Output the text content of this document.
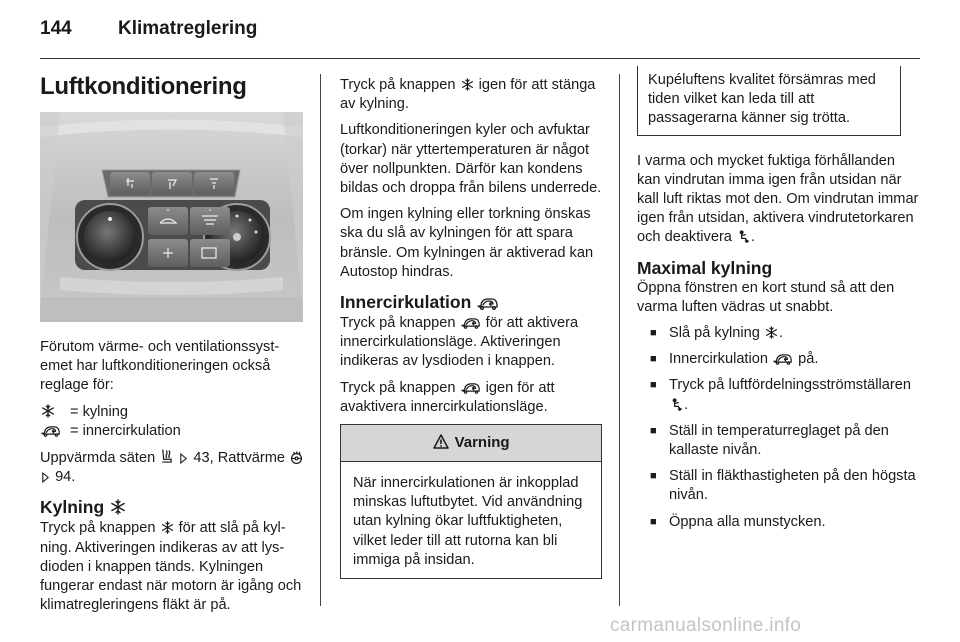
144 Klimatreglering
Luftkonditionering

Förutom värme- och ventilationssystemet har luftkonditioneringen också reglage för:

= kylning
= innercirkulation

Uppvärmda säten	43, Rattvärme   94.

Kylning

Tryck på knappen för att slå på kylning. Aktiveringen indikeras av att lysdioden i knappen tänds. Kylningen fungerar endast när motorn är igång och klimatregleringens fläkt är på.

Tryck på knappen igen för att stänga av kylning.

Luftkonditioneringen kyler och avfuktar (torkar) när yttertemperaturen är något över nollpunkten. Därför kan kondens bildas och droppa från bilens underrede.

Om ingen kylning eller torkning önskas ska du slå av kylningen för att spara bränsle. Om kylningen är aktiverad kan Autostop hindras.

Innercirkulation

Tryck på knappen för att aktivera innercirkulationsläge. Aktiveringen indikeras av lysdioden i knappen.

Tryck på knappen igen för att avaktivera innercirkulationsläge.

Varning
När innercirkulationen är inkopplad minskas luftutbytet. Vid användning utan kylning ökar luftfuktigheten, vilket leder till att rutorna kan bli immiga på insidan.
Kupéluftens kvalitet försämras med tiden vilket kan leda till att passagerarna känner sig trötta.

I varma och mycket fuktiga förhållanden kan vindrutan imma igen från utsidan när kall luft riktas mot den. Om vindrutan immar igen från utsidan, aktivera vindrutetorkaren och deaktivera .

Maximal kylning

Öppna fönstren en kort stund så att den varma luften vädras ut snabbt.

■ Slå på kylning .
■ Innercirkulation på.
■ Tryck på luftfördelningsströmställaren .
■ Ställ in temperaturreglaget på den kallaste nivån.
■ Ställ in fläkthastigheten på den högsta nivån.
■ Öppna alla munstycken.
carmanualsonline.info
